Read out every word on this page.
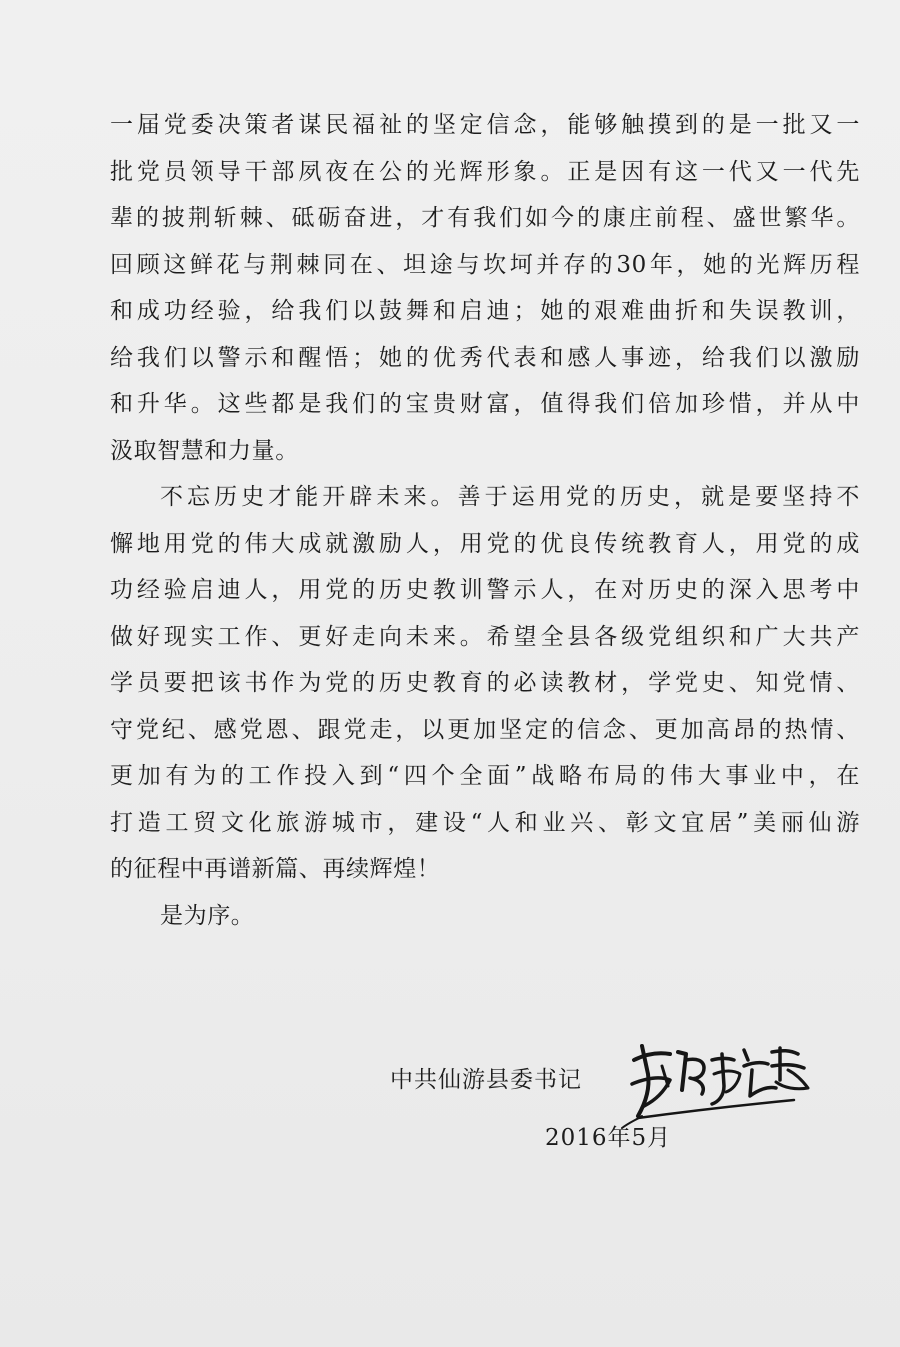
一届党委决策者谋民福祉的坚定信念，能够触摸到的是一批又一
批党员领导干部夙夜在公的光辉形象。正是因有这一代又一代先
辈的披荆斩棘、砥砺奋进，才有我们如今的康庄前程、盛世繁华。
回顾这鲜花与荆棘同在、坦途与坎坷并存的30年，她的光辉历程
和成功经验，给我们以鼓舞和启迪；她的艰难曲折和失误教训，
给我们以警示和醒悟；她的优秀代表和感人事迹，给我们以激励
和升华。这些都是我们的宝贵财富，值得我们倍加珍惜，并从中
汲取智慧和力量。
不忘历史才能开辟未来。善于运用党的历史，就是要坚持不
懈地用党的伟大成就激励人，用党的优良传统教育人，用党的成
功经验启迪人，用党的历史教训警示人，在对历史的深入思考中
做好现实工作、更好走向未来。希望全县各级党组织和广大共产
学员要把该书作为党的历史教育的必读教材，学党史、知党情、
守党纪、感党恩、跟党走，以更加坚定的信念、更加高昂的热情、
更加有为的工作投入到“四个全面”战略布局的伟大事业中，在
打造工贸文化旅游城市，建设“人和业兴、彰文宜居”美丽仙游
的征程中再谱新篇、再续辉煌！
是为序。
中共仙游县委书记
2016年5月
